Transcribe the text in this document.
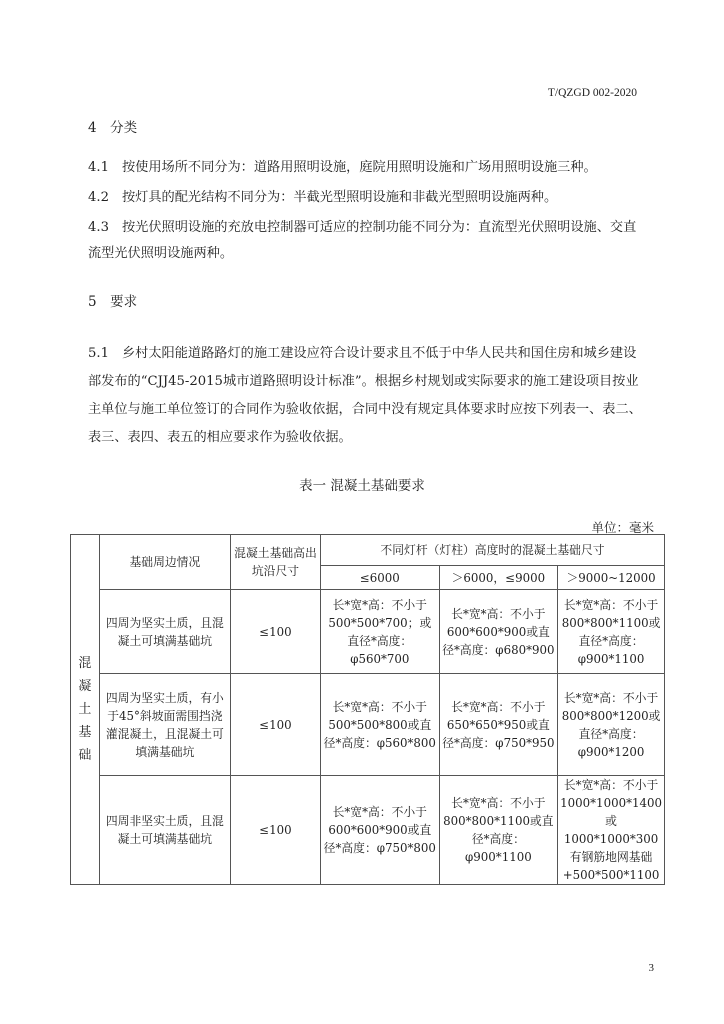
T/QZGD 002-2020
4　分类

4.1 按使用场所不同分为：道路用照明设施，庭院用照明设施和广场用照明设施三种。

4.2 按灯具的配光结构不同分为：半截光型照明设施和非截光型照明设施两种。

4.3 按光伏照明设施的充放电控制器可适应的控制功能不同分为：直流型光伏照明设施、交直流型光伏照明设施两种。

5　要求

5.1 乡村太阳能道路路灯的施工建设应符合设计要求且不低于中华人民共和国住房和城乡建设部发布的“CJJ45-2015城市道路照明设计标准”。根据乡村规划或实际要求的施工建设项目按业主单位与施工单位签订的合同作为验收依据，合同中没有规定具体要求时应按下列表一、表二、表三、表四、表五的相应要求作为验收依据。

表一 混凝土基础要求
单位：毫米
混
凝
土
基
础	基础周边情况	混凝土基础高出坑沿尺寸	不同灯杆（灯柱）高度时的混凝土基础尺寸		
			≤6000	＞6000，≤9000	＞9000~12000
	四周为坚实土质，且混凝土可填满基础坑	≤100	长*宽*高：不小于500*500*700；或直径*高度：φ560*700	长*宽*高：不小于600*600*900或直径*高度：φ680*900	长*宽*高：不小于800*800*1100或直径*高度：φ900*1100
	四周为坚实土质，有小于45°斜坡面需围挡浇灌混凝土，且混凝土可填满基础坑	≤100	长*宽*高：不小于500*500*800或直径*高度：φ560*800	长*宽*高：不小于650*650*950或直径*高度：φ750*950	长*宽*高：不小于800*800*1200或直径*高度：φ900*1200
	四周非坚实土质，且混凝土可填满基础坑	≤100	长*宽*高：不小于600*600*900或直径*高度：φ750*800	长*宽*高：不小于800*800*1100或直径*高度：φ900*1100	长*宽*高：不小于1000*1000*1400或1000*1000*300有钢筋地网基础+500*500*1100
3
